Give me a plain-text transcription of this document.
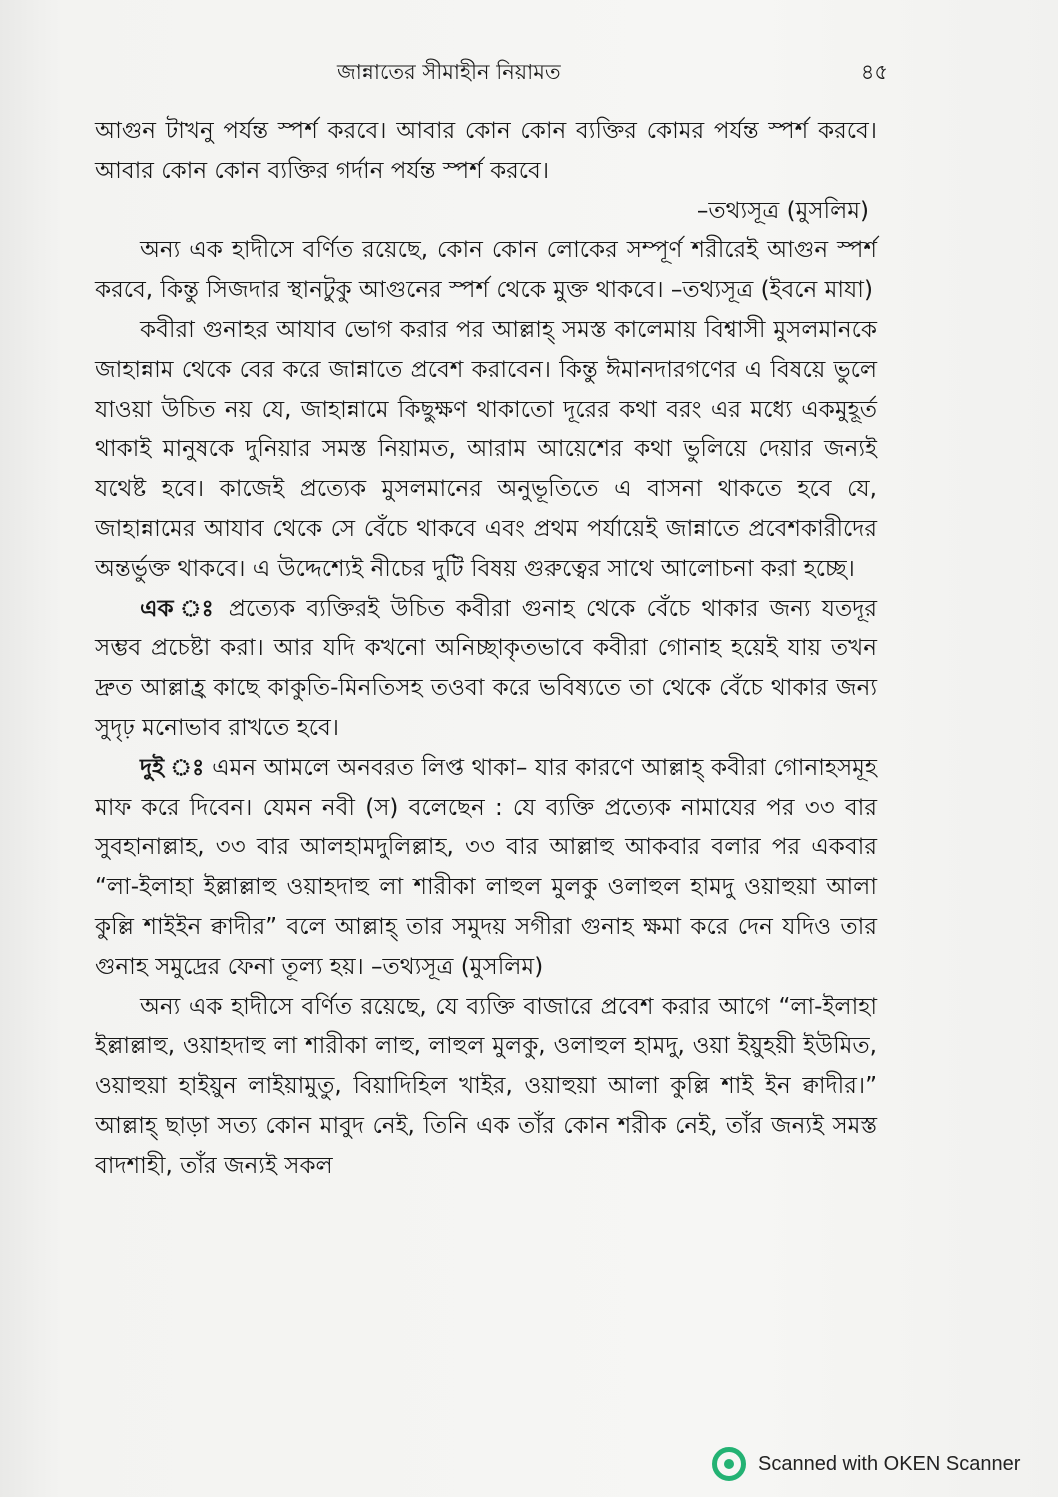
জান্নাতের সীমাহীন নিয়ামত	৪৫

আগুন টাখনু পর্যন্ত স্পর্শ করবে। আবার কোন কোন ব্যক্তির কোমর পর্যন্ত স্পর্শ করবে। আবার কোন কোন ব্যক্তির গর্দান পর্যন্ত স্পর্শ করবে।

–তথ্যসূত্র (মুসলিম)

অন্য এক হাদীসে বর্ণিত রয়েছে, কোন কোন লোকের সম্পূর্ণ শরীরেই আগুন স্পর্শ করবে, কিন্তু সিজদার স্থানটুকু আগুনের স্পর্শ থেকে মুক্ত থাকবে। –তথ্যসূত্র (ইবনে মাযা)

কবীরা গুনাহর আযাব ভোগ করার পর আল্লাহ্ সমস্ত কালেমায় বিশ্বাসী মুসলমানকে জাহান্নাম থেকে বের করে জান্নাতে প্রবেশ করাবেন। কিন্তু ঈমানদারগণের এ বিষয়ে ভুলে যাওয়া উচিত নয় যে, জাহান্নামে কিছুক্ষণ থাকাতো দূরের কথা বরং এর মধ্যে একমুহূর্ত থাকাই মানুষকে দুনিয়ার সমস্ত নিয়ামত, আরাম আয়েশের কথা ভুলিয়ে দেয়ার জন্যই যথেষ্ট হবে। কাজেই প্রত্যেক মুসলমানের অনুভূতিতে এ বাসনা থাকতে হবে যে, জাহান্নামের আযাব থেকে সে বেঁচে থাকবে এবং প্রথম পর্যায়েই জান্নাতে প্রবেশকারীদের অন্তর্ভুক্ত থাকবে। এ উদ্দেশ্যেই নীচের দুটি বিষয় গুরুত্বের সাথে আলোচনা করা হচ্ছে।

এক ঃ প্রত্যেক ব্যক্তিরই উচিত কবীরা গুনাহ থেকে বেঁচে থাকার জন্য যতদূর সম্ভব প্রচেষ্টা করা। আর যদি কখনো অনিচ্ছাকৃতভাবে কবীরা গোনাহ হয়েই যায় তখন দ্রুত আল্লাহ্র কাছে কাকুতি-মিনতিসহ তওবা করে ভবিষ্যতে তা থেকে বেঁচে থাকার জন্য সুদৃঢ় মনোভাব রাখতে হবে।

দুই ঃ এমন আমলে অনবরত লিপ্ত থাকা– যার কারণে আল্লাহ্ কবীরা গোনাহসমূহ মাফ করে দিবেন। যেমন নবী (স) বলেছেন : যে ব্যক্তি প্রত্যেক নামাযের পর ৩৩ বার সুবহানাল্লাহ, ৩৩ বার আলহামদুলিল্লাহ, ৩৩ বার আল্লাহু আকবার বলার পর একবার “লা-ইলাহা ইল্লাল্লাহু ওয়াহদাহু লা শারীকা লাহুল মুলকু ওলাহুল হামদু ওয়াহুয়া আলা কুল্লি শাইইন ক্বাদীর” বলে আল্লাহ্ তার সমুদয় সগীরা গুনাহ ক্ষমা করে দেন যদিও তার গুনাহ সমুদ্রের ফেনা তূল্য হয়। –তথ্যসূত্র (মুসলিম)

অন্য এক হাদীসে বর্ণিত রয়েছে, যে ব্যক্তি বাজারে প্রবেশ করার আগে “লা-ইলাহা ইল্লাল্লাহু, ওয়াহদাহু লা শারীকা লাহু, লাহুল মুলকু, ওলাহুল হামদু, ওয়া ইয়ুহয়ী ইউমিত, ওয়াহুয়া হাইয়ুন লাইয়ামুতু, বিয়াদিহিল খাইর, ওয়াহুয়া আলা কুল্লি শাই ইন ক্বাদীর।” আল্লাহ্ ছাড়া সত্য কোন মাবুদ নেই, তিনি এক তাঁর কোন শরীক নেই, তাঁর জন্যই সমস্ত বাদশাহী, তাঁর জন্যই সকল

Scanned with OKEN Scanner
